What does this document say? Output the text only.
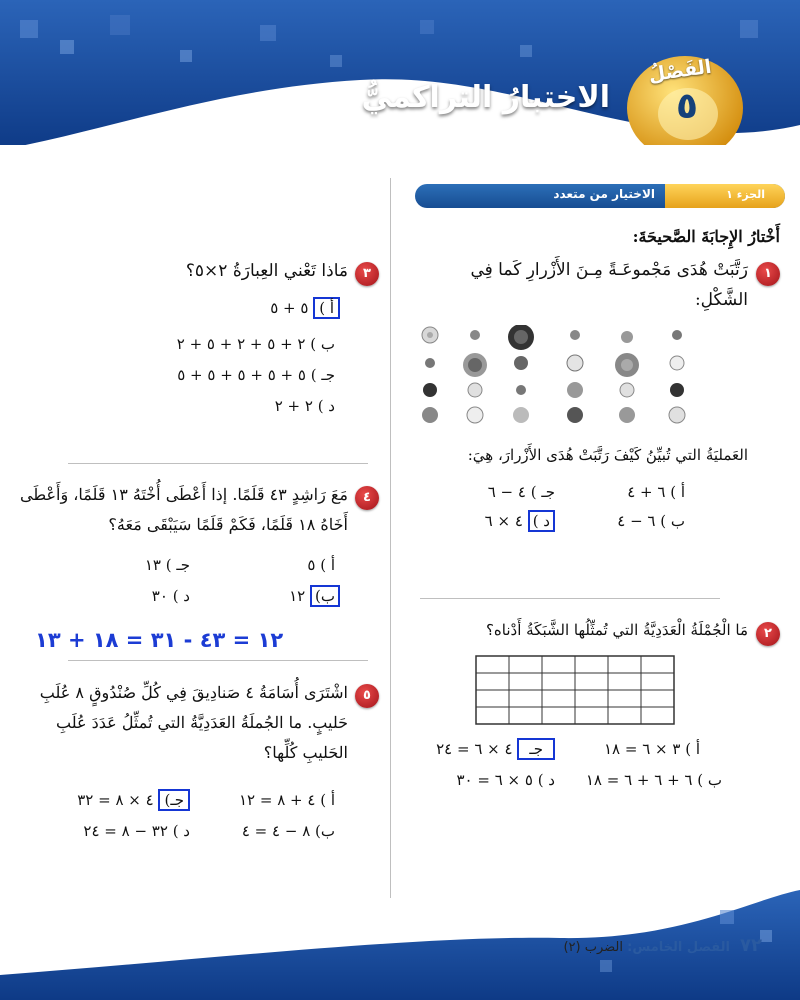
الاختبارُ التراكميُّ
الفَصْلُ
٥
الجزء ١
الاختيار من متعدد
أَخْتارُ الإِجابَةَ الصَّحيحَةَ:
١
رَتَّبَتْ هُدَى مَجْموعَـةً مِـنَ الأَزْرارِ كَما فِي الشَّكْلِ:
العَمليَةُ التي تُبيِّنُ كَيْفَ رَتَّبَتْ هُدَى الأَزْرارَ، هِيَ:
أ ) ٦ + ٤
جـ ) ٤ − ٦
ب ) ٦ − ٤
د ) ٤ × ٦
٢
مَا الْجُمْلَةُ الْعَدَدِيَّةُ التي تُمثِّلُها الشَّبَكَةُ أَدْناه؟
أ ) ٣ × ٦ = ١٨
جـ ٤ × ٦ = ٢٤
ب ) ٦ + ٦ + ٦ = ١٨
د ) ٥ × ٦ = ٣٠
٣
مَاذا تَعْني العِبارَةُ ٢×٥؟
أ ) ٥ + ٥
ب ) ٢ + ٥ + ٢ + ٥ + ٢
جـ ) ٥ + ٥ + ٥ + ٥ + ٥
د ) ٢ + ٢
٤
مَعَ رَاشِدٍ ٤٣ قَلَمًا. إذا أَعْطَى أُخْتَهُ ١٣ قَلَمًا، وَأَعْطَى أَخَاهُ ١٨ قَلَمًا، فَكَمْ قَلَمًا سَيَبْقَى مَعَهُ؟
أ ) ٥
جـ ) ١٣
ب) ١٢
د ) ٣٠
١٢ = ٤٣ - ٣١ = ١٨ + ١٣
٥
اشْتَرَى أُسَامَةُ ٤ صَنادِيقَ فِي كُلِّ صُنْدُوقٍ ٨ عُلَبِ حَليبٍ. ما الجُملَةُ العَدَدِيَّةُ التي تُمثِّلُ عَدَدَ عُلَبِ الحَليبِ كُلِّها؟
أ ) ٤ + ٨ = ١٢
جـ) ٤ × ٨ = ٣٢
ب) ٨ − ٤ = ٤
د ) ٣٢ − ٨ = ٢٤
٧٢
الفصل الخامس: الضرب (٢)
